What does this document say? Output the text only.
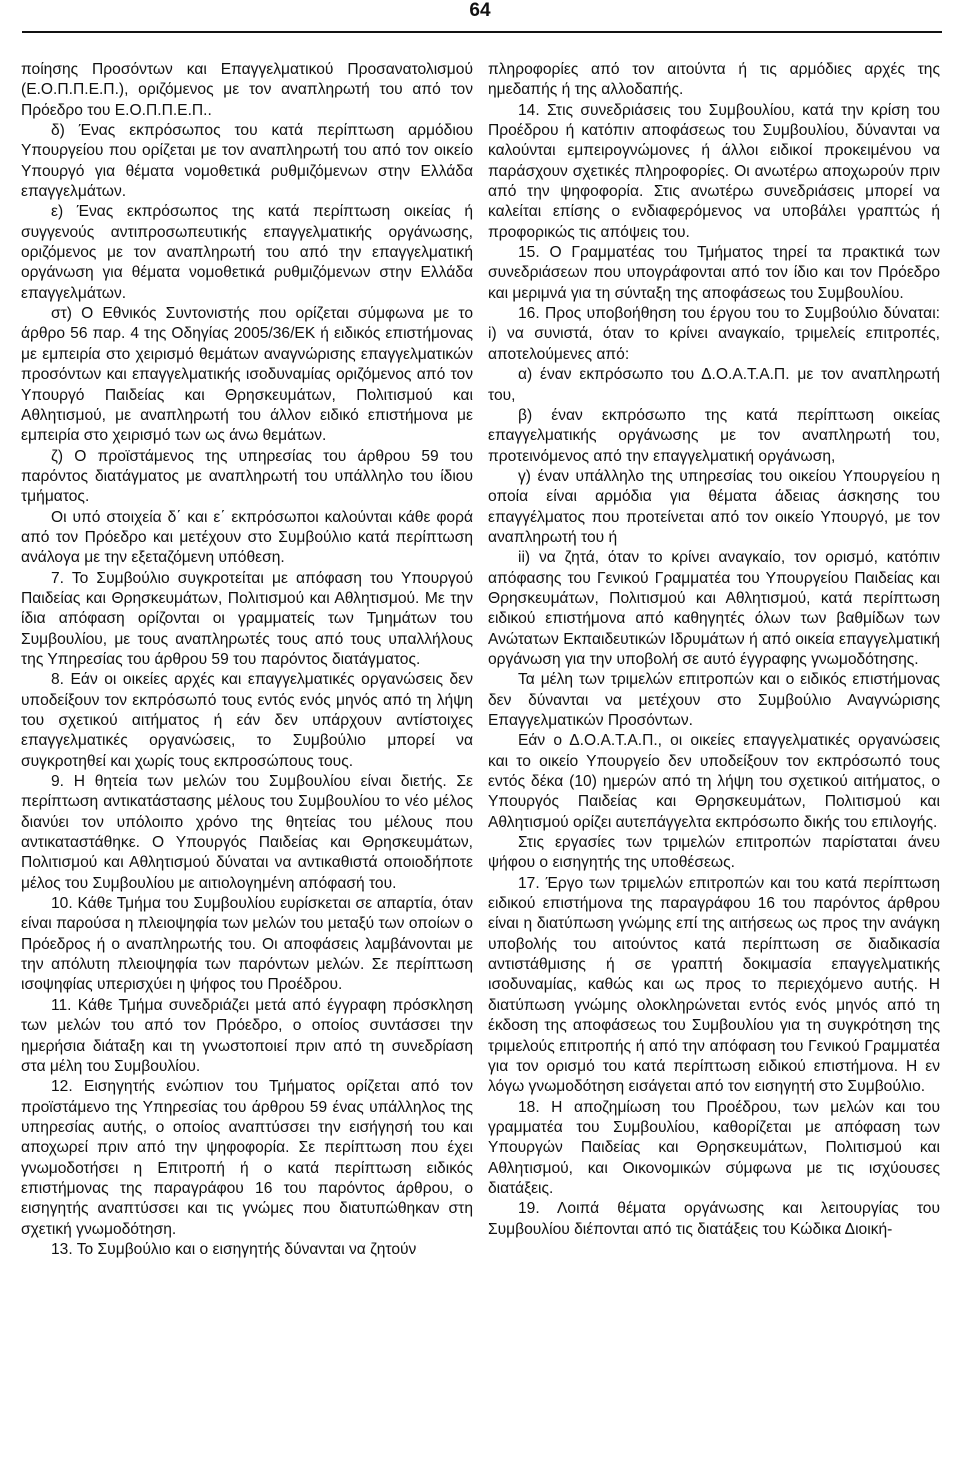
64

ποίησης Προσόντων και Επαγγελματικού Προσανατολισμού (Ε.Ο.Π.Π.Ε.Π.), οριζόμενος με τον αναπληρωτή του από τον Πρόεδρο του Ε.Ο.Π.Π.Ε.Π..

δ) Ένας εκπρόσωπος του κατά περίπτωση αρμόδιου Υπουργείου που ορίζεται με τον αναπληρωτή του από τον οικείο Υπουργό για θέματα νομοθετικά ρυθμιζόμενων στην Ελλάδα επαγγελμάτων.

ε) Ένας εκπρόσωπος της κατά περίπτωση οικείας ή συγγενούς αντιπροσωπευτικής επαγγελματικής οργάνωσης, οριζόμενος με τον αναπληρωτή του από την επαγγελματική οργάνωση για θέματα νομοθετικά ρυθμιζόμενων στην Ελλάδα επαγγελμάτων.

στ) Ο Εθνικός Συντονιστής που ορίζεται σύμφωνα με το άρθρο 56 παρ. 4 της Οδηγίας 2005/36/ΕΚ ή ειδικός επιστήμονας με εμπειρία στο χειρισμό θεμάτων αναγνώρισης επαγγελματικών προσόντων και επαγγελματικής ισοδυναμίας οριζόμενος από τον Υπουργό Παιδείας και Θρησκευμάτων, Πολιτισμού και Αθλητισμού, με αναπληρωτή του άλλον ειδικό επιστήμονα με εμπειρία στο χειρισμό των ως άνω θεμάτων.

ζ) Ο προϊστάμενος της υπηρεσίας του άρθρου 59 του παρόντος διατάγματος με αναπληρωτή του υπάλληλο του ίδιου τμήματος.

Οι υπό στοιχεία δ΄ και ε΄ εκπρόσωποι καλούνται κάθε φορά από τον Πρόεδρο και μετέχουν στο Συμβούλιο κατά περίπτωση ανάλογα με την εξεταζόμενη υπόθεση.

7. Το Συμβούλιο συγκροτείται με απόφαση του Υπουργού Παιδείας και Θρησκευμάτων, Πολιτισμού και Αθλητισμού. Με την ίδια απόφαση ορίζονται οι γραμματείς των Τμημάτων του Συμβουλίου, με τους αναπληρωτές τους από τους υπαλλήλους της Υπηρεσίας του άρθρου 59 του παρόντος διατάγματος.

8. Εάν οι οικείες αρχές και επαγγελματικές οργανώσεις δεν υποδείξουν τον εκπρόσωπό τους εντός ενός μηνός από τη λήψη του σχετικού αιτήματος ή εάν δεν υπάρχουν αντίστοιχες επαγγελματικές οργανώσεις, το Συμβούλιο μπορεί να συγκροτηθεί και χωρίς τους εκπροσώπους τους.

9. Η θητεία των μελών του Συμβουλίου είναι διετής. Σε περίπτωση αντικατάστασης μέλους του Συμβουλίου το νέο μέλος διανύει τον υπόλοιπο χρόνο της θητείας του μέλους που αντικαταστάθηκε. Ο Υπουργός Παιδείας και Θρησκευμάτων, Πολιτισμού και Αθλητισμού δύναται να αντικαθιστά οποιοδήποτε μέλος του Συμβουλίου με αιτιολογημένη απόφασή του.

10. Κάθε Τμήμα του Συμβουλίου ευρίσκεται σε απαρτία, όταν είναι παρούσα η πλειοψηφία των μελών του μεταξύ των οποίων ο Πρόεδρος ή ο αναπληρωτής του. Οι αποφάσεις λαμβάνονται με την απόλυτη πλειοψηφία των παρόντων μελών. Σε περίπτωση ισοψηφίας υπερισχύει η ψήφος του Προέδρου.

11. Κάθε Τμήμα συνεδριάζει μετά από έγγραφη πρόσκληση των μελών του από τον Πρόεδρο, ο οποίος συντάσσει την ημερήσια διάταξη και τη γνωστοποιεί πριν από τη συνεδρίαση στα μέλη του Συμβουλίου.

12. Εισηγητής ενώπιον του Τμήματος ορίζεται από τον προϊστάμενο της Υπηρεσίας του άρθρου 59 ένας υπάλληλος της υπηρεσίας αυτής, ο οποίος αναπτύσσει την εισήγησή του και αποχωρεί πριν από την ψηφοφορία. Σε περίπτωση που έχει γνωμοδοτήσει η Επιτροπή ή ο κατά περίπτωση ειδικός επιστήμονας της παραγράφου 16 του παρόντος άρθρου, ο εισηγητής αναπτύσσει και τις γνώμες που διατυπώθηκαν στη σχετική γνωμοδότηση.

13. Το Συμβούλιο και ο εισηγητής δύνανται να ζητούν

πληροφορίες από τον αιτούντα ή τις αρμόδιες αρχές της ημεδαπής ή της αλλοδαπής.

14. Στις συνεδριάσεις του Συμβουλίου, κατά την κρίση του Προέδρου ή κατόπιν αποφάσεως του Συμβουλίου, δύνανται να καλούνται εμπειρογνώμονες ή άλλοι ειδικοί προκειμένου να παράσχουν σχετικές πληροφορίες. Οι ανωτέρω αποχωρούν πριν από την ψηφοφορία. Στις ανωτέρω συνεδριάσεις μπορεί να καλείται επίσης ο ενδιαφερόμενος να υποβάλει γραπτώς ή προφορικώς τις απόψεις του.

15. Ο Γραμματέας του Τμήματος τηρεί τα πρακτικά των συνεδριάσεων που υπογράφονται από τον ίδιο και τον Πρόεδρο και μεριμνά για τη σύνταξη της αποφάσεως του Συμβουλίου.

16. Προς υποβοήθηση του έργου του το Συμβούλιο δύναται: i) να συνιστά, όταν το κρίνει αναγκαίο, τριμελείς επιτροπές, αποτελούμενες από:

α) έναν εκπρόσωπο του Δ.Ο.Α.Τ.Α.Π. με τον αναπληρωτή του,

β) έναν εκπρόσωπο της κατά περίπτωση οικείας επαγγελματικής οργάνωσης με τον αναπληρωτή του, προτεινόμενος από την επαγγελματική οργάνωση,

γ) έναν υπάλληλο της υπηρεσίας του οικείου Υπουργείου η οποία είναι αρμόδια για θέματα άδειας άσκησης του επαγγέλματος που προτείνεται από τον οικείο Υπουργό, με τον αναπληρωτή του ή

ii) να ζητά, όταν το κρίνει αναγκαίο, τον ορισμό, κατόπιν απόφασης του Γενικού Γραμματέα του Υπουργείου Παιδείας και Θρησκευμάτων, Πολιτισμού και Αθλητισμού, κατά περίπτωση ειδικού επιστήμονα από καθηγητές όλων των βαθμίδων των Ανώτατων Εκπαιδευτικών Ιδρυμάτων ή από οικεία επαγγελματική οργάνωση για την υποβολή σε αυτό έγγραφης γνωμοδότησης.

Τα μέλη των τριμελών επιτροπών και ο ειδικός επιστήμονας δεν δύνανται να μετέχουν στο Συμβούλιο Αναγνώρισης Επαγγελματικών Προσόντων.

Εάν ο Δ.Ο.Α.Τ.Α.Π., οι οικείες επαγγελματικές οργανώσεις και το οικείο Υπουργείο δεν υποδείξουν τον εκπρόσωπό τους εντός δέκα (10) ημερών από τη λήψη του σχετικού αιτήματος, ο Υπουργός Παιδείας και Θρησκευμάτων, Πολιτισμού και Αθλητισμού ορίζει αυτεπάγγελτα εκπρόσωπο δικής του επιλογής.

Στις εργασίες των τριμελών επιτροπών παρίσταται άνευ ψήφου ο εισηγητής της υποθέσεως.

17. Έργο των τριμελών επιτροπών και του κατά περίπτωση ειδικού επιστήμονα της παραγράφου 16 του παρόντος άρθρου είναι η διατύπωση γνώμης επί της αιτήσεως ως προς την ανάγκη υποβολής του αιτούντος κατά περίπτωση σε διαδικασία αντιστάθμισης ή σε γραπτή δοκιμασία επαγγελματικής ισοδυναμίας, καθώς και ως προς το περιεχόμενο αυτής. Η διατύπωση γνώμης ολοκληρώνεται εντός ενός μηνός από τη έκδοση της αποφάσεως του Συμβουλίου για τη συγκρότηση της τριμελούς επιτροπής ή από την απόφαση του Γενικού Γραμματέα για τον ορισμό του κατά περίπτωση ειδικού επιστήμονα. Η εν λόγω γνωμοδότηση εισάγεται από τον εισηγητή στο Συμβούλιο.

18. Η αποζημίωση του Προέδρου, των μελών και του γραμματέα του Συμβουλίου, καθορίζεται με απόφαση των Υπουργών Παιδείας και Θρησκευμάτων, Πολιτισμού και Αθλητισμού, και Οικονομικών σύμφωνα με τις ισχύουσες διατάξεις.

19. Λοιπά θέματα οργάνωσης και λειτουργίας του Συμβουλίου διέπονται από τις διατάξεις του Κώδικα Διοική-
